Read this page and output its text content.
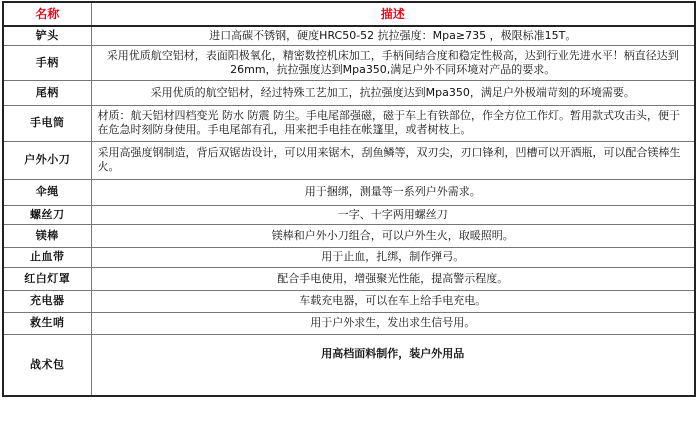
名称	描述
铲头	进口高碳不锈钢，硬度HRC50-52 抗拉强度：Mpa≥735 ，极限标准15T。
手柄	采用优质航空铝材，表面阳极氧化，精密数控机床加工，手柄间结合度和稳定性极高，达到行业先进水平！柄直径达到26mm，抗拉强度达到Mpa350,满足户外不同环境对产品的要求。
尾柄	采用优质的航空铝材，经过特殊工艺加工，抗拉强度达到Mpa350，满足户外极端苛刻的环境需要。
手电筒	材质：航天铝材四档变光 防水 防震 防尘。手电尾部强磁，磁于车上有铁部位，作全方位工作灯。暂用款式攻击头，便于在危急时刻防身使用。手电尾部有孔，用来把手电挂在帐篷里，或者树枝上。
户外小刀	采用高强度钢制造，背后双锯齿设计，可以用来锯木，刮鱼鳞等，双刃尖，刃口锋利，凹槽可以开酒瓶，可以配合镁棒生火。
伞绳	用于捆绑，测量等一系列户外需求。
螺丝刀	一字、十字两用螺丝刀
镁棒	镁棒和户外小刀组合，可以户外生火，取暖照明。
止血带	用于止血，扎绑，制作弹弓。
红白灯罩	配合手电使用，增强聚光性能，提高警示程度。
充电器	车载充电器，可以在车上给手电充电。
救生哨	用于户外求生，发出求生信号用。
战术包	用高档面料制作，装户外用品
